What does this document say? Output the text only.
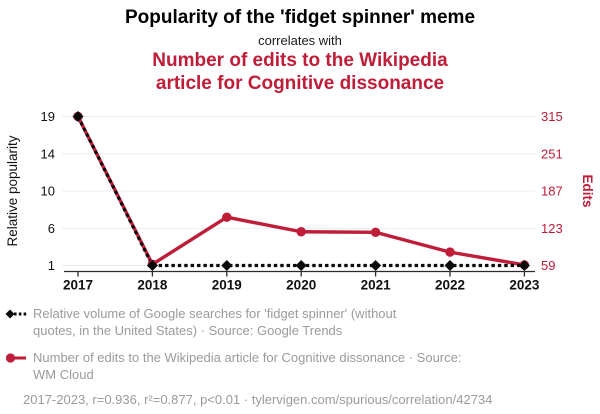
19
14
10
6
1
315
251
187
123
59
2017	2018	2019	2020	2021	2022	2023
Relative popularity	Edits
Popularity of the 'fidget spinner' meme
correlates with
Number of edits to the Wikipedia
article for Cognitive dissonance
Relative volume of Google searches for 'fidget spinner' (without
quotes, in the United States) · Source: Google Trends
Number of edits to the Wikipedia article for Cognitive dissonance · Source:
WM Cloud
2017-2023, r=0.936, r²=0.877, p<0.01 · tylervigen.com/spurious/correlation/42734
